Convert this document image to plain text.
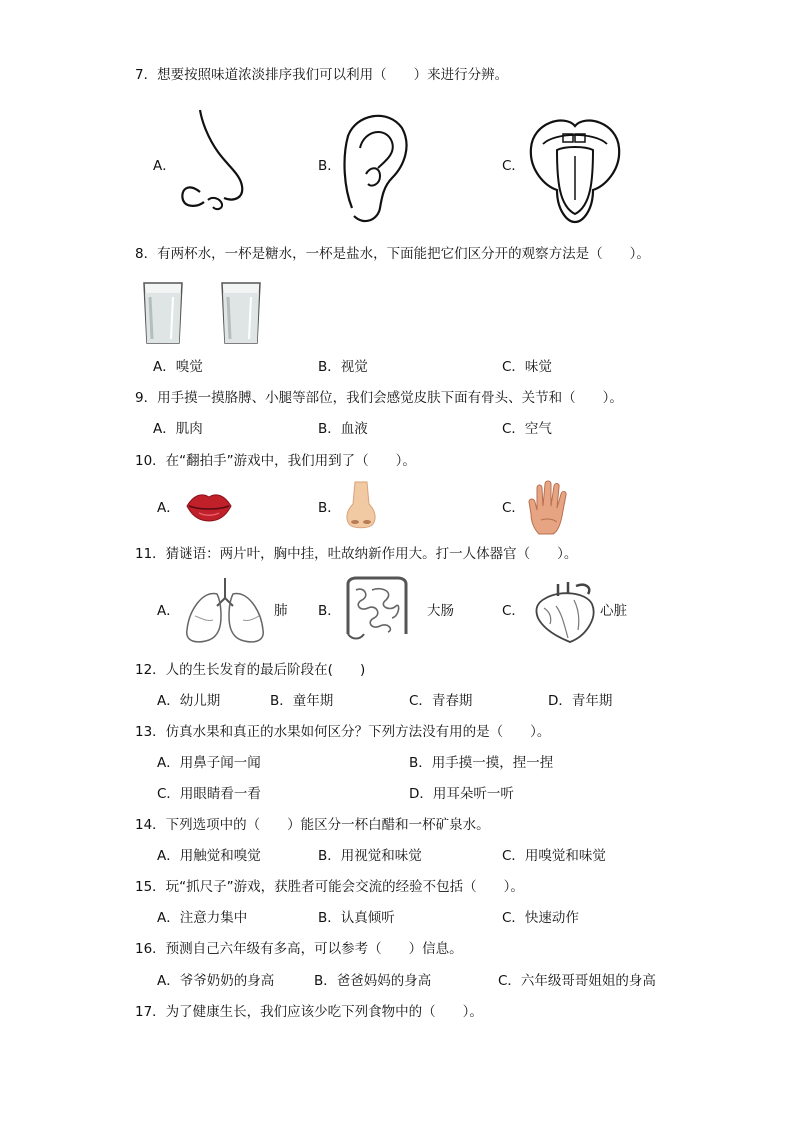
7．想要按照味道浓淡排序我们可以利用（　　）来进行分辨。
A．	B．	C．
8．有两杯水，一杯是糖水，一杯是盐水，下面能把它们区分开的观察方法是（　　）。
A．嗅觉	B．视觉	C．味觉
9．用手摸一摸胳膊、小腿等部位，我们会感觉皮肤下面有骨头、关节和（　　）。
A．肌肉	B．血液	C．空气
10．在“翻拍手”游戏中，我们用到了（　　）。
A．	B．	C．
11．猜谜语：两片叶，胸中挂，吐故纳新作用大。打一人体器官（　　）。
A．	肺 B．	大肠	C．	心脏
12．人的生长发育的最后阶段在(　　)
A．幼儿期	B．童年期	C．青春期	D．青年期
13．仿真水果和真正的水果如何区分？下列方法没有用的是（　　）。
A．用鼻子闻一闻	B．用手摸一摸，捏一捏
C．用眼睛看一看	D．用耳朵听一听
14．下列选项中的（　　）能区分一杯白醋和一杯矿泉水。
A．用触觉和嗅觉	B．用视觉和味觉	C．用嗅觉和味觉
15．玩“抓尺子”游戏，获胜者可能会交流的经验不包括（　　）。
A．注意力集中	B．认真倾听	C．快速动作
16．预测自己六年级有多高，可以参考（　　）信息。
A．爷爷奶奶的身高	B．爸爸妈妈的身高	C．六年级哥哥姐姐的身高
17．为了健康生长，我们应该少吃下列食物中的（　　）。
